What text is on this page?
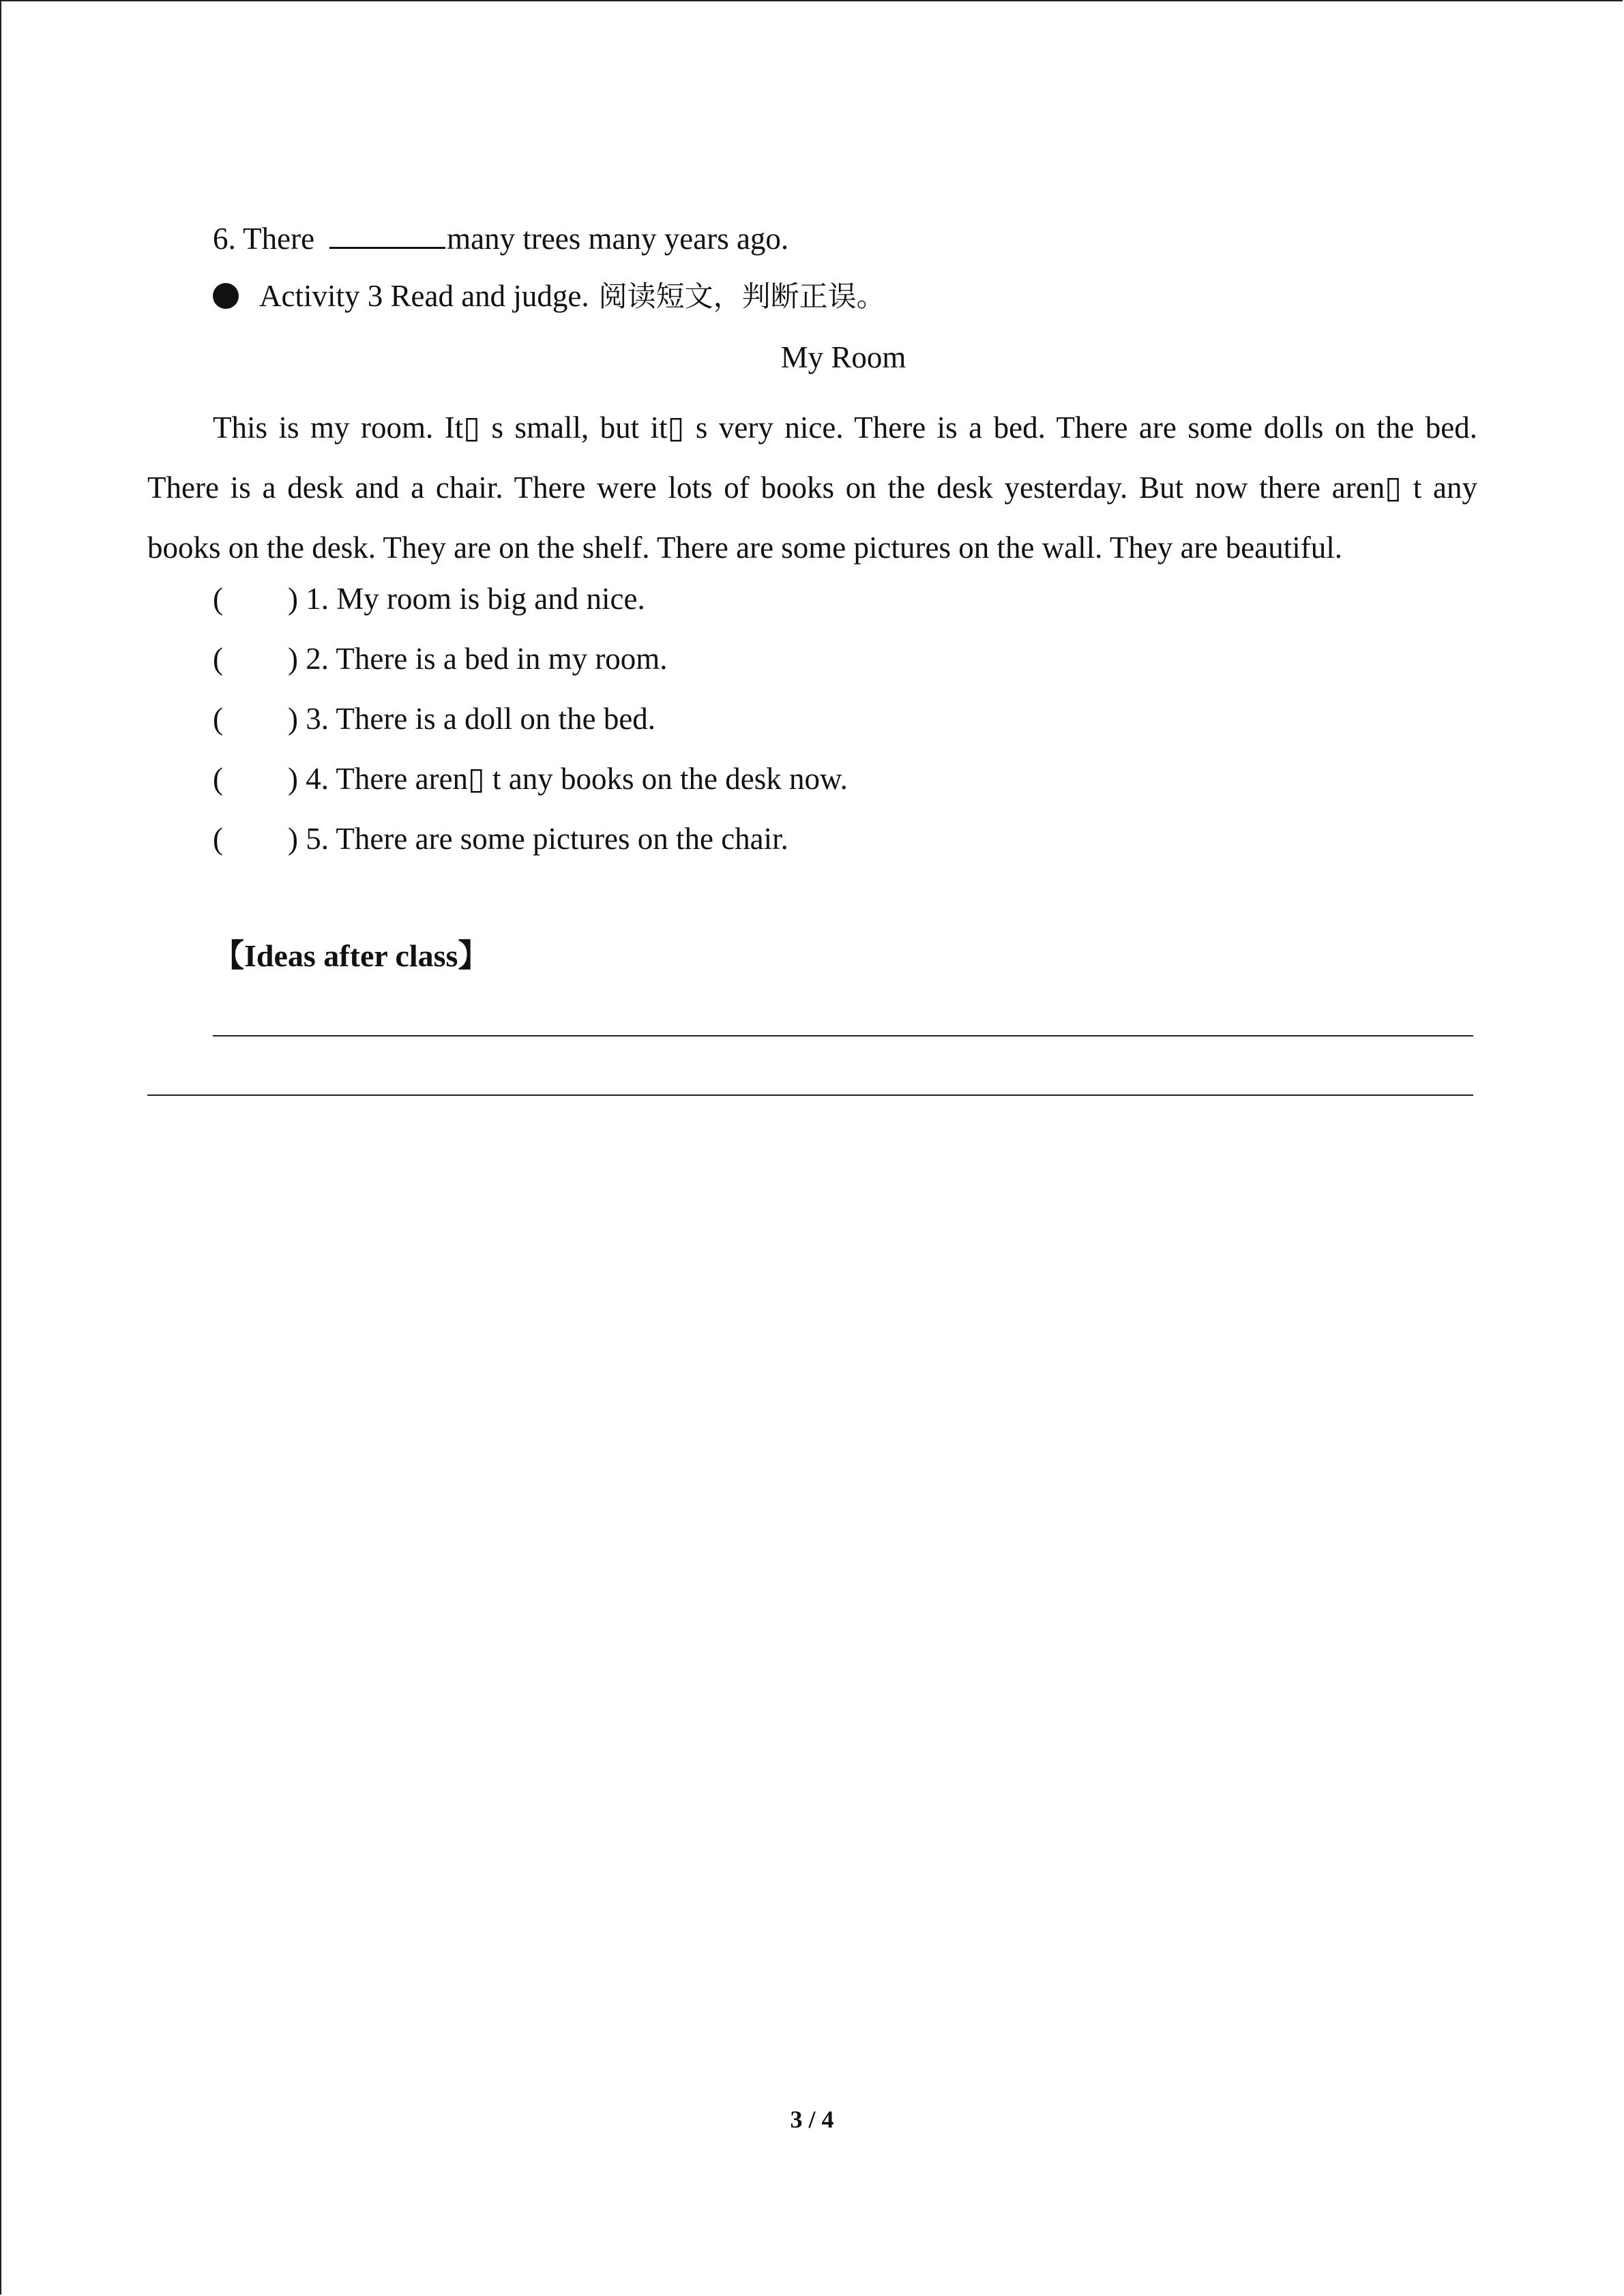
6. There	many trees many years ago.
Activity 3 Read and judge. 阅读短文，判断正误。
My Room
This is my room. It▯ s small, but it▯ s very nice. There is a bed. There are some dolls on the bed. There is a desk and a chair. There were lots of books on the desk yesterday. But now there aren▯ t any books on the desk. They are on the shelf. There are some pictures on the wall. They are beautiful.
( ) 1. My room is big and nice.
( ) 2. There is a bed in my room.
( ) 3. There is a doll on the bed.
( ) 4. There aren▯ t any books on the desk now.
( ) 5. There are some pictures on the chair.
【Ideas after class】
3 / 4
